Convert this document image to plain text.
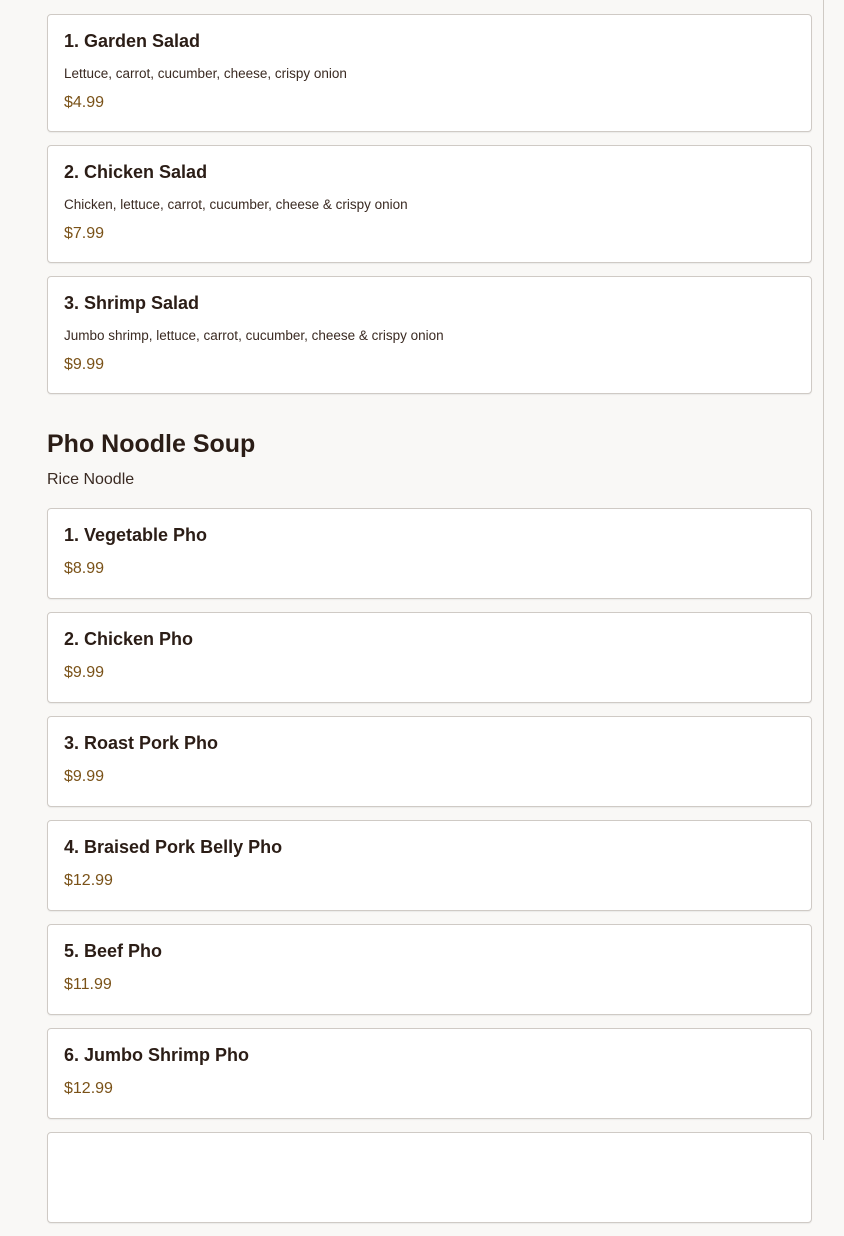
1. Garden Salad
Lettuce, carrot, cucumber, cheese, crispy onion
$4.99
2. Chicken Salad
Chicken, lettuce, carrot, cucumber, cheese & crispy onion
$7.99
3. Shrimp Salad
Jumbo shrimp, lettuce, carrot, cucumber, cheese & crispy onion
$9.99
Pho Noodle Soup
Rice Noodle
1. Vegetable Pho
$8.99
2. Chicken Pho
$9.99
3. Roast Pork Pho
$9.99
4. Braised Pork Belly Pho
$12.99
5. Beef Pho
$11.99
6. Jumbo Shrimp Pho
$12.99
